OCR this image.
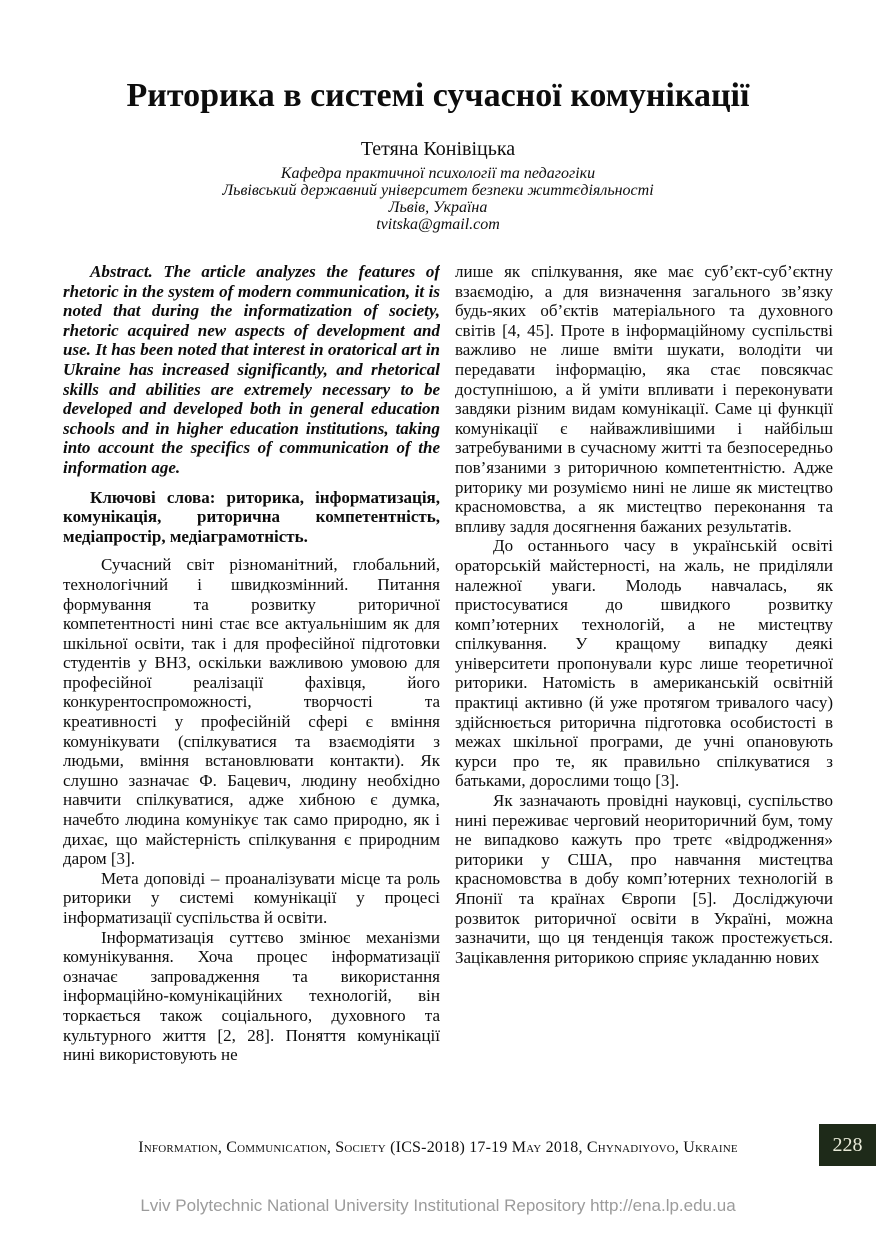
Риторика в системі сучасної комунікації
Тетяна Конівіцька
Кафедра практичної психології та педагогіки
Львівський державний університет безпеки життєдіяльності
Львів, Україна
tvitska@gmail.com

Abstract. The article analyzes the features of rhetoric in the system of modern communication, it is noted that during the informatization of society, rhetoric acquired new aspects of development and use. It has been noted that interest in oratorical art in Ukraine has increased significantly, and rhetorical skills and abilities are extremely necessary to be developed and developed both in general education schools and in higher education institutions, taking into account the specifics of communication of the information age.

Ключові слова: риторика, інформатизація, комунікація, риторична компетентність, медіапростір, медіаграмотність.

Сучасний світ різноманітний, глобальний, технологічний і швидкозмінний. Питання формування та розвитку риторичної компетентності нині стає все актуальнішим як для шкільної освіти, так і для професійної підготовки студентів у ВНЗ, оскільки важливою умовою для професійної реалізації фахівця, його конкурентоспроможності, творчості та креативності у професійній сфері є вміння комунікувати (спілкуватися та взаємодіяти з людьми, вміння встановлювати контакти). Як слушно зазначає Ф. Бацевич, людину необхідно навчити спілкуватися, адже хибною є думка, начебто людина комунікує так само природно, як і дихає, що майстерність спілкування є природним даром [3].

Мета доповіді – проаналізувати місце та роль риторики у системі комунікації у процесі інформатизації суспільства й освіти.

Інформатизація суттєво змінює механізми комунікування. Хоча процес інформатизації означає запровадження та використання інформаційно-комунікаційних технологій, він торкається також соціального, духовного та культурного життя [2, 28]. Поняття комунікації нині використовують не

лише як спілкування, яке має суб’єкт-суб’єктну взаємодію, а для визначення загального зв’язку будь-яких об’єктів матеріального та духовного світів [4, 45]. Проте в інформаційному суспільстві важливо не лише вміти шукати, володіти чи передавати інформацію, яка стає повсякчас доступнішою, а й уміти впливати і переконувати завдяки різним видам комунікації. Саме ці функції комунікації є найважливішими і найбільш затребуваними в сучасному житті та безпосередньо пов’язаними з риторичною компетентністю. Адже риторику ми розуміємо нині не лише як мистецтво красномовства, а як мистецтво переконання та впливу задля досягнення бажаних результатів.

До останнього часу в українській освіті ораторській майстерності, на жаль, не приділяли належної уваги. Молодь навчалась, як пристосуватися до швидкого розвитку комп’ютерних технологій, а не мистецтву спілкування. У кращому випадку деякі університети пропонували курс лише теоретичної риторики. Натомість в американській освітній практиці активно (й уже протягом тривалого часу) здійснюється риторична підготовка особистості в межах шкільної програми, де учні опановують курси про те, як правильно спілкуватися з батьками, дорослими тощо [3].

Як зазначають провідні науковці, суспільство нині переживає черговий неориторичний бум, тому не випадково кажуть про третє «відродження» риторики у США, про навчання мистецтва красномовства в добу комп’ютерних технологій в Японії та країнах Європи [5]. Досліджуючи розвиток риторичної освіти в Україні, можна зазначити, що ця тенденція також простежується. Зацікавлення риторикою сприяє укладанню нових

Information, Communication, Society (ICS-2018) 17-19 May 2018, Chynadiyovo, Ukraine	228
Lviv Polytechnic National University Institutional Repository http://ena.lp.edu.ua
